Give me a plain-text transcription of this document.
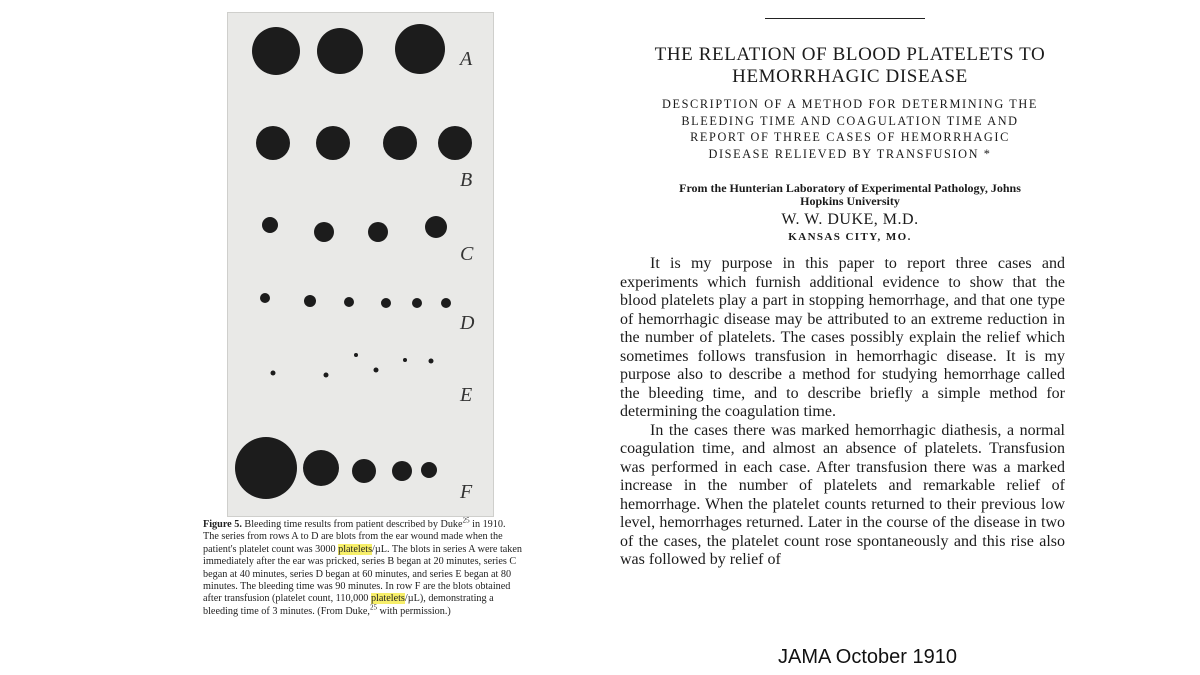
A
B
C
D
E
F
Figure 5. Bleeding time results from patient described by Duke$^{25}$ in 1910. The series from rows A to D are blots from the ear wound made when the patient's platelet count was 3000 platelets/µL. The blots in series A were taken immediately after the ear was pricked, series B began at 20 minutes, series C began at 40 minutes, series D began at 60 minutes, and series E began at 80 minutes. The bleeding time was 90 minutes. In row F are the blots obtained after transfusion (platelet count, 110,000 platelets/µL), demonstrating a bleeding time of 3 minutes. (From Duke,$^{25}$ with permission.)
THE RELATION OF BLOOD PLATELETS TO
HEMORRHAGIC DISEASE
DESCRIPTION OF A METHOD FOR DETERMINING THE
BLEEDING TIME AND COAGULATION TIME AND
REPORT OF THREE CASES OF HEMORRHAGIC
DISEASE RELIEVED BY TRANSFUSION *
From the Hunterian Laboratory of Experimental Pathology, Johns
Hopkins University
W. W. DUKE, M.D.
KANSAS CITY, MO.

It is my purpose in this paper to report three cases and experiments which furnish additional evidence to show that the blood platelets play a part in stopping hemorrhage, and that one type of hemorrhagic disease may be attributed to an extreme reduction in the number of platelets. The cases possibly explain the relief which sometimes follows transfusion in hemorrhagic disease. It is my purpose also to describe a method for studying hemorrhage called the bleeding time, and to describe briefly a simple method for determining the coagulation time.

In the cases there was marked hemorrhagic diathesis, a normal coagulation time, and almost an absence of platelets. Transfusion was performed in each case. After transfusion there was a marked increase in the number of platelets and remarkable relief of hemorrhage. When the platelet counts returned to their previous low level, hemorrhages returned. Later in the course of the disease in two of the cases, the platelet count rose spontaneously and this rise also was followed by relief of

JAMA October 1910
